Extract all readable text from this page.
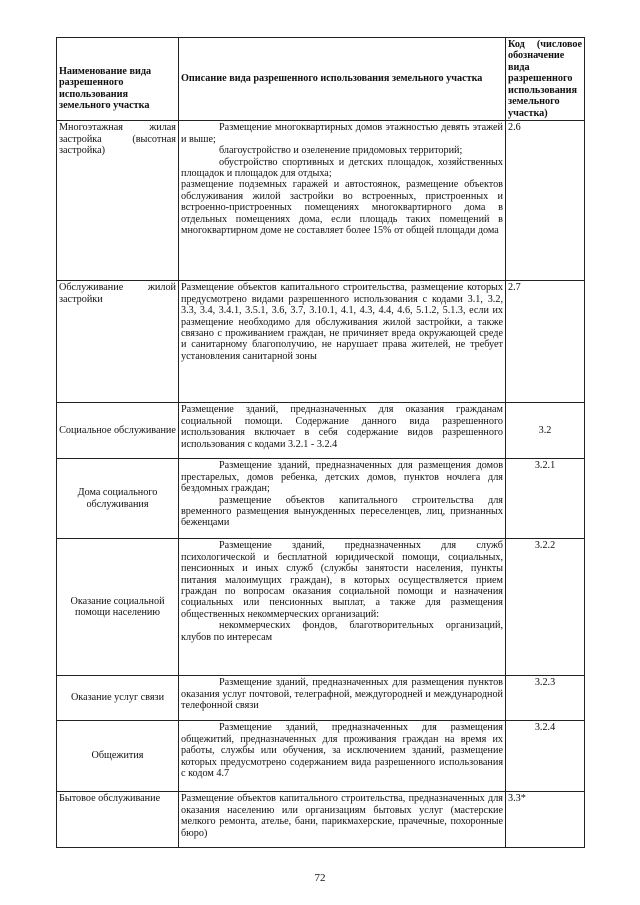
Наименование вида разрешенного использования земельного участка	Описание вида разрешенного использования земельного участка	Код (числовое обозначение вида разрешенного использования земельного участка)
Многоэтажная жилая застройка (высотная застройка)	Размещение многоквартирных домов этажностью девять этажей и выше;

благоустройство и озеленение придомовых территорий;

обустройство спортивных и детских площадок, хозяйственных площадок и площадок для отдыха;

размещение подземных гаражей и автостоянок, размещение объектов обслуживания жилой застройки во встроенных, пристроенных и встроенно-пристроенных помещениях многоквартирного дома в отдельных помещениях дома, если площадь таких помещений в многоквартирном доме не составляет более 15% от общей площади дома	2.6
Обслуживание жилой застройки	Размещение объектов капитального строительства, размещение которых предусмотрено видами разрешенного использования с кодами 3.1, 3.2, 3.3, 3.4, 3.4.1, 3.5.1, 3.6, 3.7, 3.10.1, 4.1, 4.3, 4.4, 4.6, 5.1.2, 5.1.3, если их размещение необходимо для обслуживания жилой застройки, а также связано с проживанием граждан, не причиняет вреда окружающей среде и санитарному благополучию, не нарушает права жителей, не требует установления санитарной зоны	2.7
Социальное обслуживание	Размещение зданий, предназначенных для оказания гражданам социальной помощи. Содержание данного вида разрешенного использования включает в себя содержание видов разрешенного использования с кодами 3.2.1 - 3.2.4	3.2
Дома социального обслуживания	Размещение зданий, предназначенных для размещения домов престарелых, домов ребенка, детских домов, пунктов ночлега для бездомных граждан;

размещение объектов капитального строительства для временного размещения вынужденных переселенцев, лиц, признанных беженцами	3.2.1
Оказание социальной помощи населению	Размещение зданий, предназначенных для служб психологической и бесплатной юридической помощи, социальных, пенсионных и иных служб (службы занятости населения, пункты питания малоимущих граждан), в которых осуществляется прием граждан по вопросам оказания социальной помощи и назначения социальных или пенсионных выплат, а также для размещения общественных некоммерческих организаций:

некоммерческих фондов, благотворительных организаций, клубов по интересам	3.2.2
Оказание услуг связи	Размещение зданий, предназначенных для размещения пунктов оказания услуг почтовой, телеграфной, междугородней и международной телефонной связи	3.2.3
Общежития	Размещение зданий, предназначенных для размещения общежитий, предназначенных для проживания граждан на время их работы, службы или обучения, за исключением зданий, размещение которых предусмотрено содержанием вида разрешенного использования с кодом 4.7	3.2.4
Бытовое обслуживание	Размещение объектов капитального строительства, предназначенных для оказания населению или организациям бытовых услуг (мастерские мелкого ремонта, ателье, бани, парикмахерские, прачечные, похоронные бюро)	3.3*
72
